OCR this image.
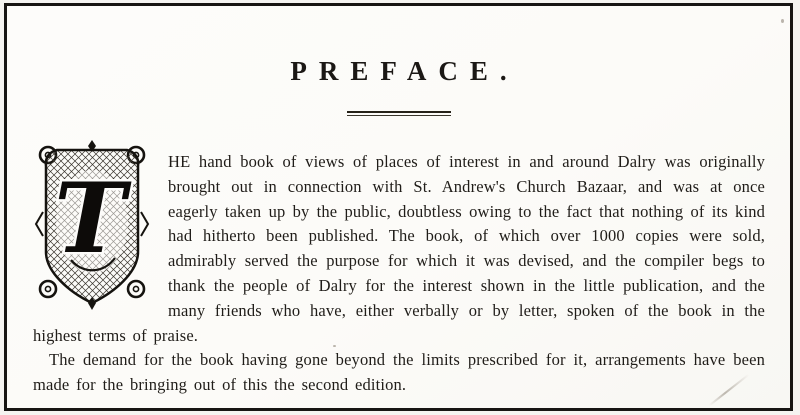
PREFACE.

T
HE hand book of views of places of interest in and around Dalry was originally brought out in connection with St. Andrew's Church Bazaar, and was at once eagerly taken up by the public, doubtless owing to the fact that nothing of its kind had hitherto been published. The book, of which over 1000 copies were sold, admirably served the purpose for which it was devised, and the compiler begs to thank the people of Dalry for the interest shown in the little publication, and the many friends who have, either verbally or by letter, spoken of the book in the highest terms of praise.

The demand for the book having gone beyond the limits prescribed for it, arrangements have been made for the bringing out of this the second edition.
